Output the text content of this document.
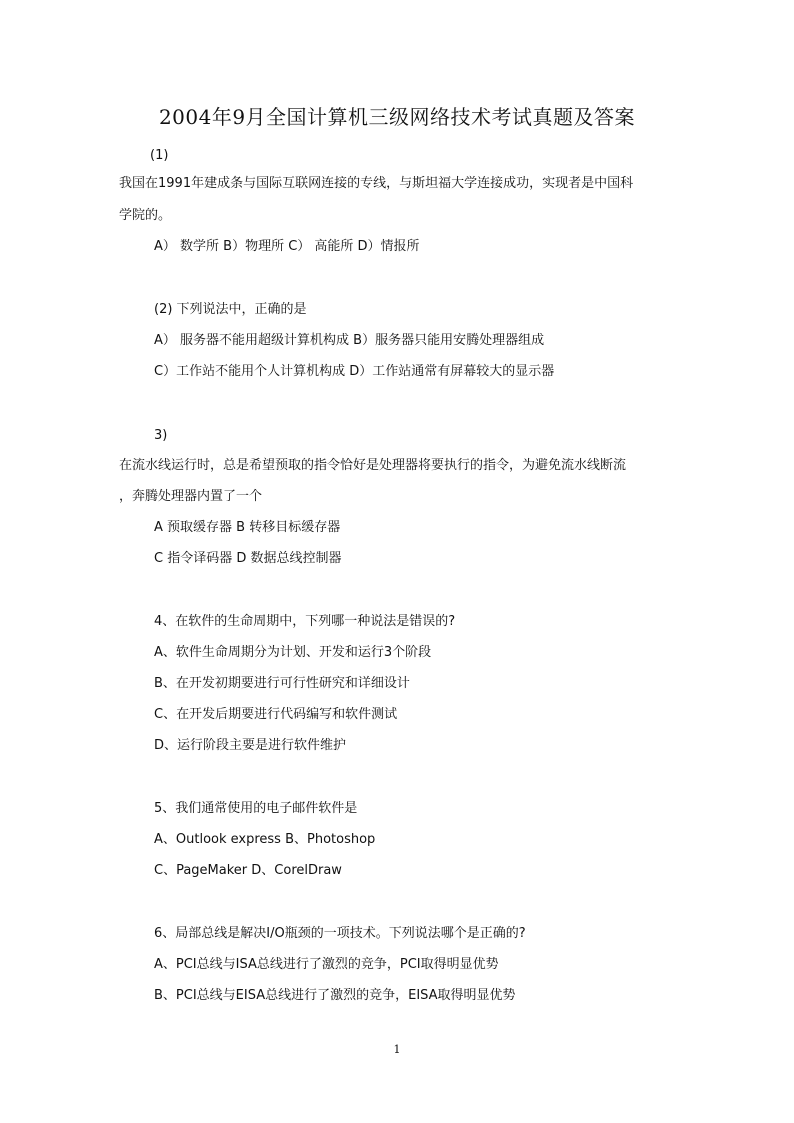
2004年9月全国计算机三级网络技术考试真题及答案
(1)
我国在1991年建成条与国际互联网连接的专线，与斯坦福大学连接成功，实现者是中国科
学院的。
A） 数学所 B）物理所 C） 高能所 D）情报所
(2) 下列说法中，正确的是
A） 服务器不能用超级计算机构成 B）服务器只能用安腾处理器组成
C）工作站不能用个人计算机构成 D）工作站通常有屏幕较大的显示器
3)
在流水线运行时，总是希望预取的指令恰好是处理器将要执行的指令，为避免流水线断流
，奔腾处理器内置了一个
A 预取缓存器 B 转移目标缓存器
C 指令译码器 D 数据总线控制器
4、在软件的生命周期中，下列哪一种说法是错误的?
A、软件生命周期分为计划、开发和运行3个阶段
B、在开发初期要进行可行性研究和详细设计
C、在开发后期要进行代码编写和软件测试
D、运行阶段主要是进行软件维护
5、我们通常使用的电子邮件软件是
A、Outlook express B、Photoshop
C、PageMaker D、CorelDraw
6、局部总线是解决I/O瓶颈的一项技术。下列说法哪个是正确的?
A、PCI总线与ISA总线进行了激烈的竞争，PCI取得明显优势
B、PCI总线与EISA总线进行了激烈的竞争，EISA取得明显优势
1
